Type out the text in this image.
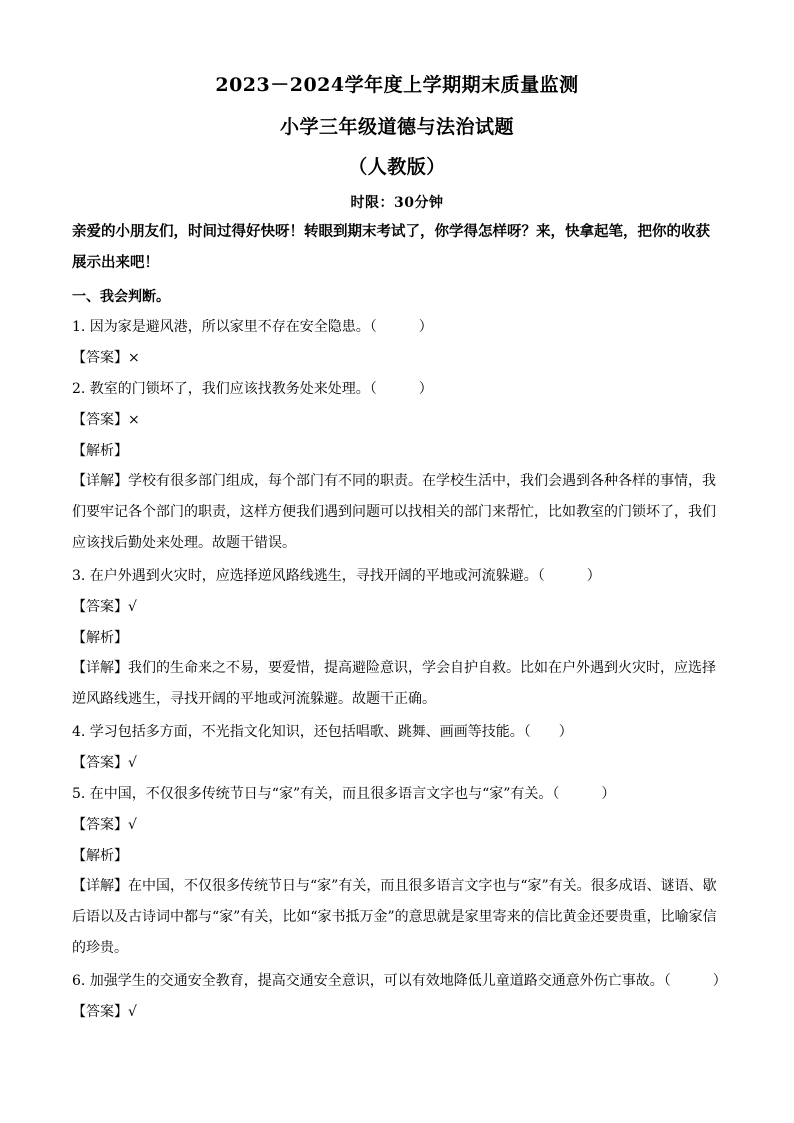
2023－2024学年度上学期期末质量监测
小学三年级道德与法治试题
（人教版）
时限：30分钟
亲爱的小朋友们，时间过得好快呀！转眼到期末考试了，你学得怎样呀？来，快拿起笔，把你的收获展示出来吧！
一、我会判断。
1. 因为家是避风港，所以家里不存在安全隐患。（　　　）
【答案】×
2. 教室的门锁坏了，我们应该找教务处来处理。（　　　）
【答案】×
【解析】
【详解】学校有很多部门组成，每个部门有不同的职责。在学校生活中，我们会遇到各种各样的事情，我们要牢记各个部门的职责，这样方便我们遇到问题可以找相关的部门来帮忙，比如教室的门锁坏了，我们应该找后勤处来处理。故题干错误。
3. 在户外遇到火灾时，应选择逆风路线逃生，寻找开阔的平地或河流躲避。（　　　）
【答案】√
【解析】
【详解】我们的生命来之不易，要爱惜，提高避险意识，学会自护自救。比如在户外遇到火灾时，应选择逆风路线逃生，寻找开阔的平地或河流躲避。故题干正确。
4. 学习包括多方面，不光指文化知识，还包括唱歌、跳舞、画画等技能。（　　）
【答案】√
5. 在中国，不仅很多传统节日与“家”有关，而且很多语言文字也与“家”有关。（　　　）
【答案】√
【解析】
【详解】在中国，不仅很多传统节日与“家”有关，而且很多语言文字也与“家”有关。很多成语、谜语、歇后语以及古诗词中都与“家”有关，比如“家书抵万金”的意思就是家里寄来的信比黄金还要贵重，比喻家信的珍贵。
6. 加强学生的交通安全教育，提高交通安全意识，可以有效地降低儿童道路交通意外伤亡事故。（　　　）
【答案】√
